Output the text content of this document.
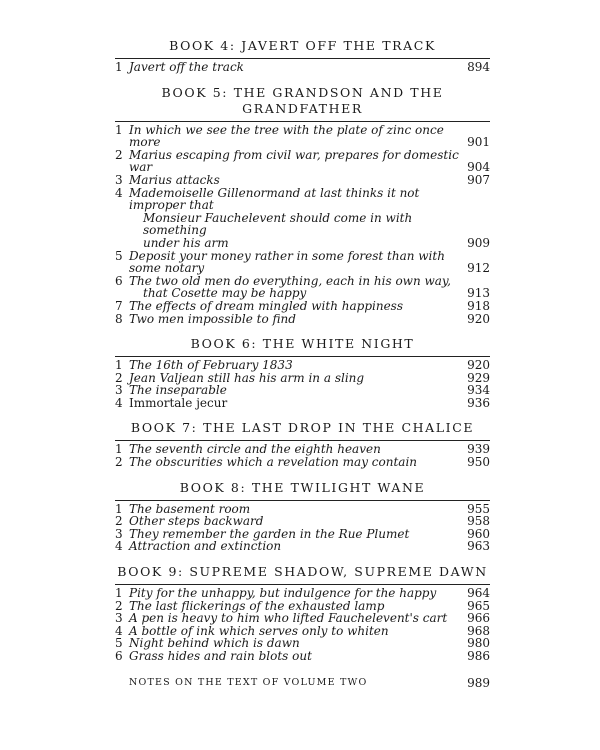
BOOK 4: JAVERT OFF THE TRACK
1 Javert off the track	894
BOOK 5: THE GRANDSON AND THE GRANDFATHER
1 In which we see the tree with the plate of zinc once more	901
2 Marius escaping from civil war, prepares for domestic war	904
3 Marius attacks	907
4 Mademoiselle Gillenormand at last thinks it not improper that
Monsieur Fauchelevent should come in with something
under his arm	909
5 Deposit your money rather in some forest than with some notary	912
6 The two old men do everything, each in his own way,
that Cosette may be happy	913
7 The effects of dream mingled with happiness	918
8 Two men impossible to find	920
BOOK 6: THE WHITE NIGHT
1 The 16th of February 1833	920
2 Jean Valjean still has his arm in a sling	929
3 The inseparable	934
4 Immortale jecur	936
BOOK 7: THE LAST DROP IN THE CHALICE
1 The seventh circle and the eighth heaven	939
2 The obscurities which a revelation may contain	950
BOOK 8: THE TWILIGHT WANE
1 The basement room	955
2 Other steps backward	958
3 They remember the garden in the Rue Plumet	960
4 Attraction and extinction	963
BOOK 9: SUPREME SHADOW, SUPREME DAWN
1 Pity for the unhappy, but indulgence for the happy	964
2 The last flickerings of the exhausted lamp	965
3 A pen is heavy to him who lifted Fauchelevent's cart	966
4 A bottle of ink which serves only to whiten	968
5 Night behind which is dawn	980
6 Grass hides and rain blots out	986
NOTES ON THE TEXT OF VOLUME TWO	989
